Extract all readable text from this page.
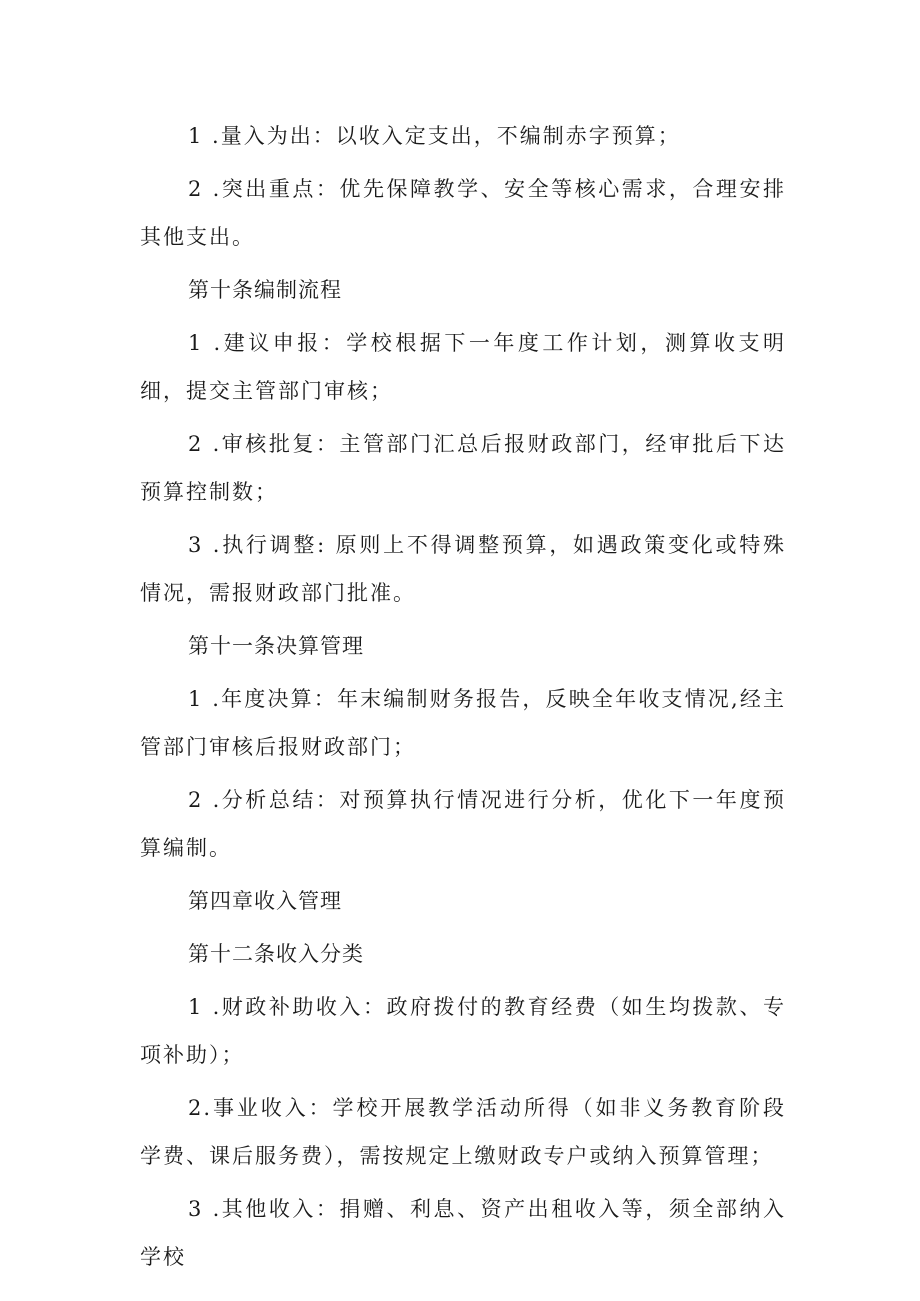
1 .量入为出：以收入定支出，不编制赤字预算；

2 .突出重点：优先保障教学、安全等核心需求，合理安排其他支出。

第十条编制流程

1 .建议申报：学校根据下一年度工作计划，测算收支明细，提交主管部门审核；

2 .审核批复：主管部门汇总后报财政部门，经审批后下达预算控制数；

3 .执行调整: 原则上不得调整预算，如遇政策变化或特殊情况，需报财政部门批准。

第十一条决算管理

1 .年度决算：年末编制财务报告，反映全年收支情况,经主管部门审核后报财政部门；

2 .分析总结：对预算执行情况进行分析，优化下一年度预算编制。

第四章收入管理

第十二条收入分类

1 .财政补助收入：政府拨付的教育经费（如生均拨款、专项补助）；

2.事业收入：学校开展教学活动所得（如非义务教育阶段学费、课后服务费），需按规定上缴财政专户或纳入预算管理；

3 .其他收入：捐赠、利息、资产出租收入等，须全部纳入学校
